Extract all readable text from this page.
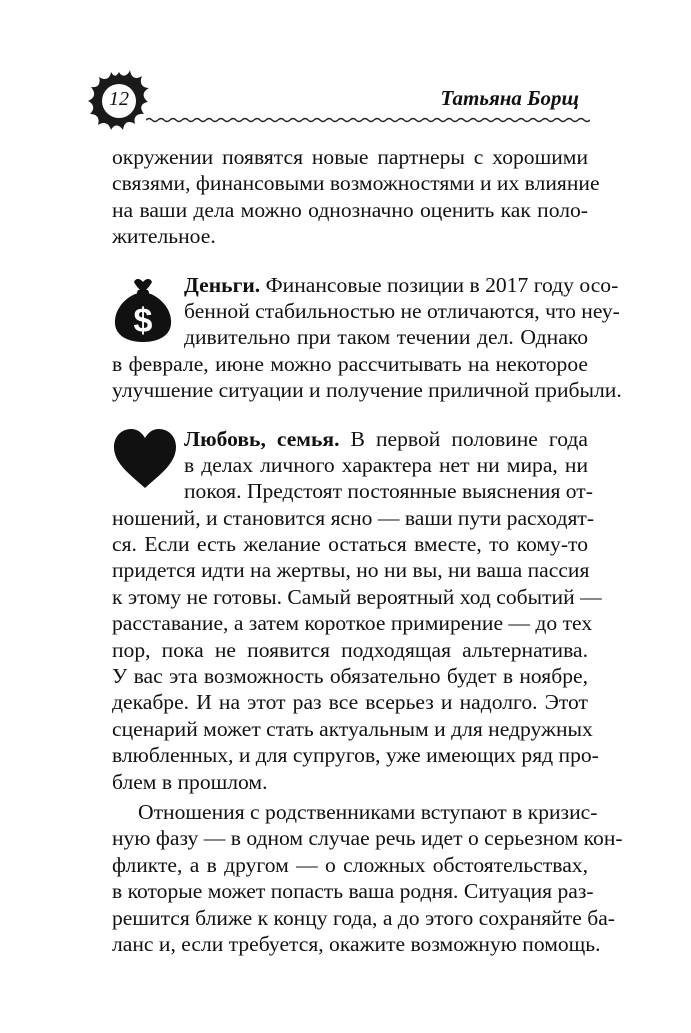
12	Татьяна Борщ
окружении появятся новые партнеры с хорошими
связями, финансовыми возможностями и их влияние
на ваши дела можно однозначно оценить как поло-
жительное.
$
Деньги. Финансовые позиции в 2017 году осо-
бенной стабильностью не отличаются, что неу-
дивительно при таком течении дел. Однако
в феврале, июне можно рассчитывать на некоторое
улучшение ситуации и получение приличной прибыли.
Любовь, семья. В первой половине года
в делах личного характера нет ни мира, ни
покоя. Предстоят постоянные выяснения от-
ношений, и становится ясно — ваши пути расходят-
ся. Если есть желание остаться вместе, то кому-то
придется идти на жертвы, но ни вы, ни ваша пассия
к этому не готовы. Самый вероятный ход событий —
расставание, а затем короткое примирение — до тех
пор, пока не появится подходящая альтернатива.
У вас эта возможность обязательно будет в ноябре,
декабре. И на этот раз все всерьез и надолго. Этот
сценарий может стать актуальным и для недружных
влюбленных, и для супругов, уже имеющих ряд про-
блем в прошлом.
Отношения с родственниками вступают в кризис-
ную фазу — в одном случае речь идет о серьезном кон-
фликте, а в другом — о сложных обстоятельствах,
в которые может попасть ваша родня. Ситуация раз-
решится ближе к концу года, а до этого сохраняйте ба-
ланс и, если требуется, окажите возможную помощь.
